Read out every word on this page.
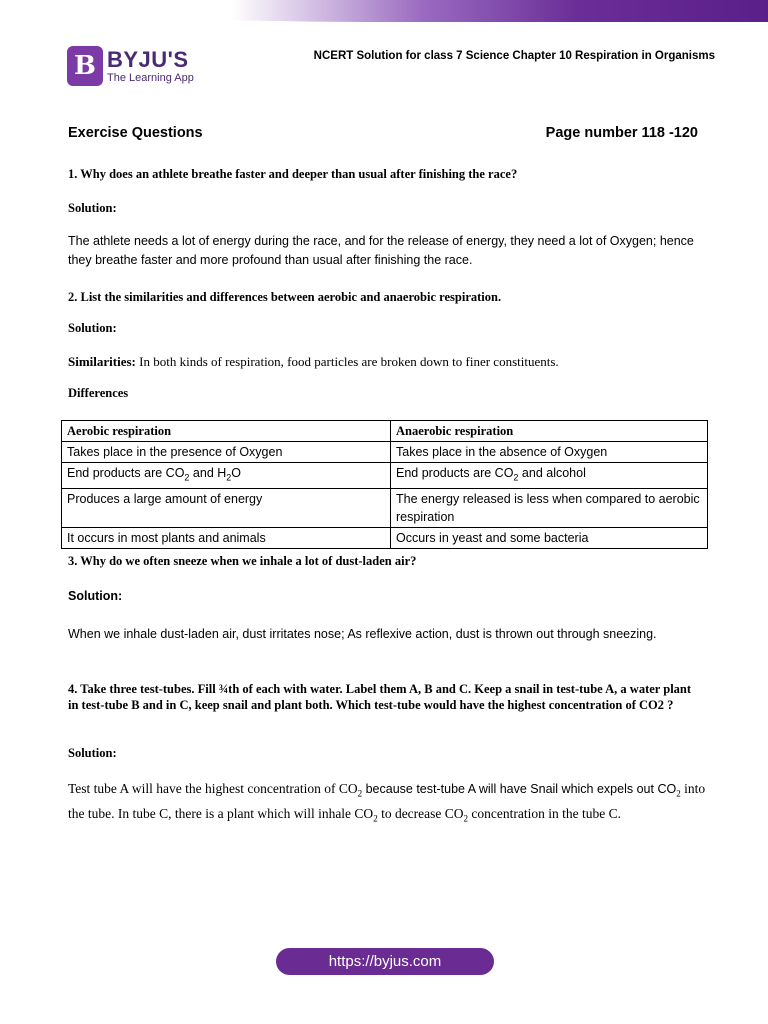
B BYJU'S
The Learning App
NCERT Solution for class 7 Science Chapter 10 Respiration in Organisms
Exercise Questions	Page number 118 -120
1. Why does an athlete breathe faster and deeper than usual after finishing the race?
Solution:
The athlete needs a lot of energy during the race, and for the release of energy, they need a lot of Oxygen; hence they breathe faster and more profound than usual after finishing the race.
2. List the similarities and differences between aerobic and anaerobic respiration.
Solution:
Similarities: In both kinds of respiration, food particles are broken down to finer constituents.
Differences
Aerobic respiration	Anaerobic respiration
Takes place in the presence of Oxygen	Takes place in the absence of Oxygen
End products are $CO_2$ and $H_2O$	End products are $CO_2$ and alcohol
Produces a large amount of energy	The energy released is less when compared to aerobic respiration
It occurs in most plants and animals	Occurs in yeast and some bacteria
3. Why do we often sneeze when we inhale a lot of dust-laden air?
Solution:
When we inhale dust-laden air, dust irritates nose; As reflexive action, dust is thrown out through sneezing.
4. Take three test-tubes. Fill ¾th of each with water. Label them A, B and C. Keep a snail in test-tube A, a water plant in test-tube B and in C, keep snail and plant both. Which test-tube would have the highest concentration of CO2 ?
Solution:
Test tube A will have the highest concentration of $CO_2$ because test-tube A will have Snail which expels out $CO_2$ into the tube. In tube C, there is a plant which will inhale $CO_2$ to decrease $CO_2$ concentration in the tube C.
https://byjus.com
